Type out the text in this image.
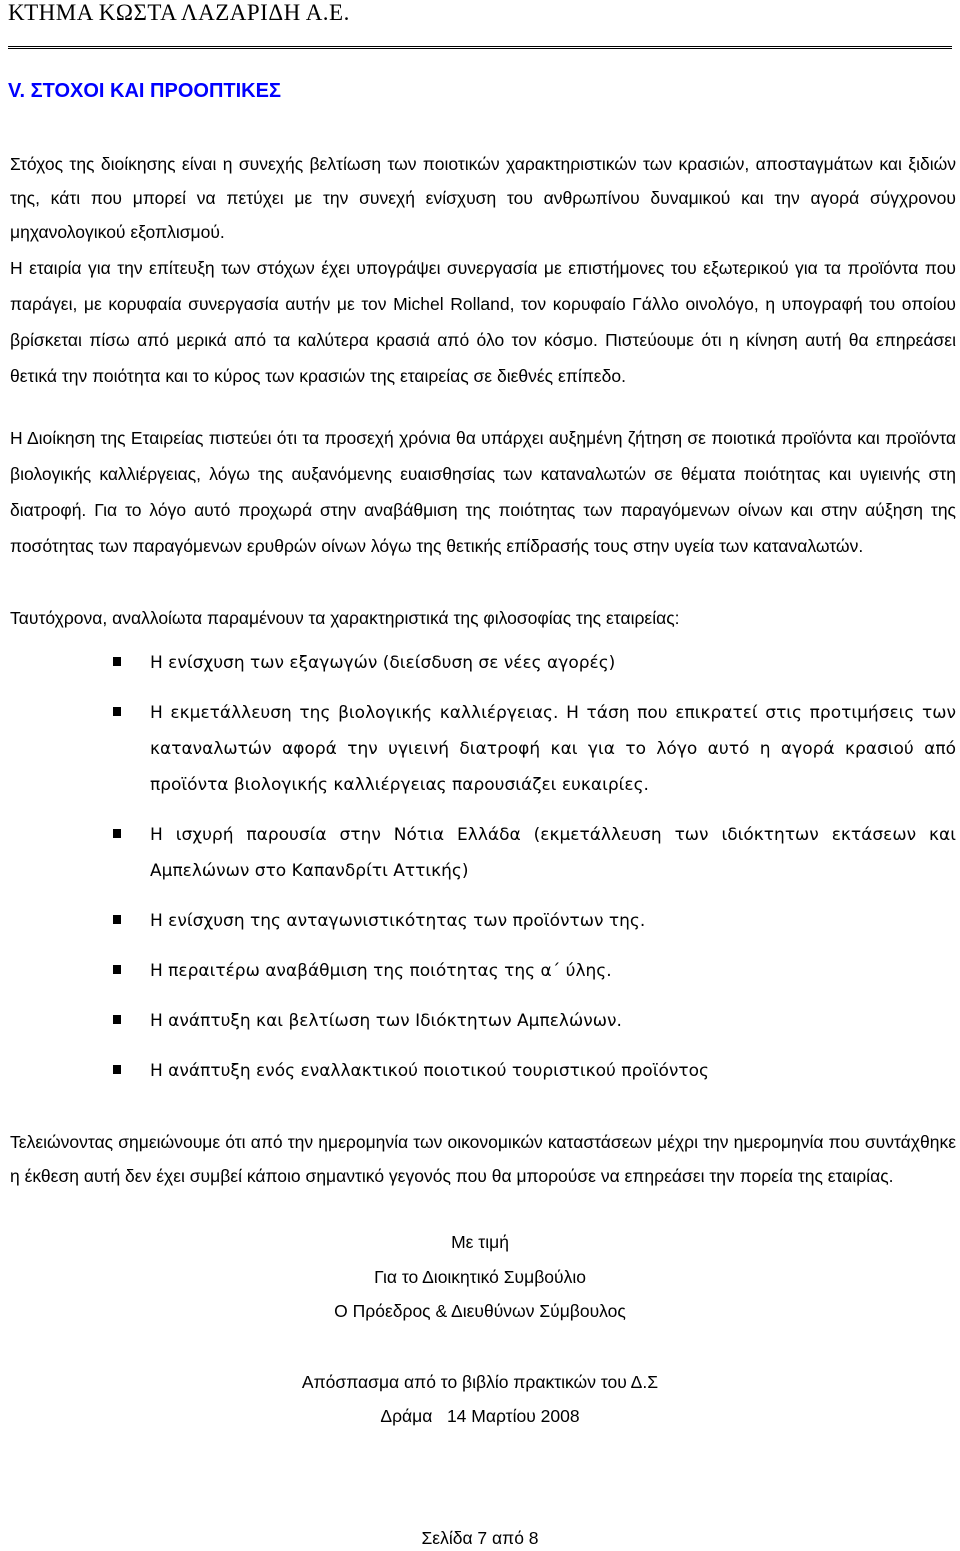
ΚΤΗΜΑ ΚΩΣΤΑ ΛΑΖΑΡΙΔΗ Α.Ε.
V. ΣΤΟΧΟΙ ΚΑΙ ΠΡΟΟΠΤΙΚΕΣ
Στόχος της διοίκησης είναι η συνεχής βελτίωση των ποιοτικών χαρακτηριστικών των κρασιών, αποσταγμάτων και ξιδιών της, κάτι που μπορεί να πετύχει με την συνεχή ενίσχυση του ανθρωπίνου δυναμικού και την αγορά σύγχρονου μηχανολογικού εξοπλισμού.
Η εταιρία για την επίτευξη των στόχων έχει υπογράψει συνεργασία με επιστήμονες του εξωτερικού για τα προϊόντα που παράγει, με κορυφαία συνεργασία αυτήν με τον Michel Rolland, τον κορυφαίο Γάλλο οινολόγο, η υπογραφή του οποίου βρίσκεται πίσω από μερικά από τα καλύτερα κρασιά από όλο τον κόσμο. Πιστεύουμε ότι η κίνηση αυτή θα επηρεάσει θετικά την ποιότητα και το κύρος των κρασιών της εταιρείας σε διεθνές επίπεδο.
Η Διοίκηση της Εταιρείας πιστεύει ότι τα προσεχή χρόνια θα υπάρχει αυξημένη ζήτηση σε ποιοτικά προϊόντα και προϊόντα βιολογικής καλλιέργειας, λόγω της αυξανόμενης ευαισθησίας των καταναλωτών σε θέματα ποιότητας και υγιεινής στη διατροφή. Για το λόγο αυτό προχωρά στην αναβάθμιση της ποιότητας των παραγόμενων οίνων και στην αύξηση της ποσότητας των παραγόμενων ερυθρών οίνων λόγω της θετικής επίδρασής τους στην υγεία των καταναλωτών.
Ταυτόχρονα, αναλλοίωτα παραμένουν τα χαρακτηριστικά της φιλοσοφίας της εταιρείας:
Η ενίσχυση των εξαγωγών (διείσδυση σε νέες αγορές)
Η εκμετάλλευση της βιολογικής καλλιέργειας. Η τάση που επικρατεί στις προτιμήσεις των καταναλωτών αφορά την υγιεινή διατροφή και για το λόγο αυτό η αγορά κρασιού από προϊόντα βιολογικής καλλιέργειας παρουσιάζει ευκαιρίες.
Η ισχυρή παρουσία στην Νότια Ελλάδα (εκμετάλλευση των ιδιόκτητων εκτάσεων και Αμπελώνων στο Καπανδρίτι Αττικής)
Η ενίσχυση της ανταγωνιστικότητας των προϊόντων της.
Η περαιτέρω αναβάθμιση της ποιότητας της α΄ ύλης.
Η ανάπτυξη και βελτίωση των Ιδιόκτητων Αμπελώνων.
Η ανάπτυξη ενός εναλλακτικού ποιοτικού τουριστικού προϊόντος
Τελειώνοντας σημειώνουμε ότι από την ημερομηνία των οικονομικών καταστάσεων μέχρι την ημερομηνία που συντάχθηκε η έκθεση αυτή δεν έχει συμβεί κάποιο σημαντικό γεγονός που θα μπορούσε να επηρεάσει την πορεία της εταιρίας.
Με τιμή
Για το Διοικητικό Συμβούλιο
Ο Πρόεδρος & Διευθύνων Σύμβουλος
Απόσπασμα από το βιβλίο πρακτικών του Δ.Σ
Δράμα   14 Μαρτίου 2008
Σελίδα 7 από 8
